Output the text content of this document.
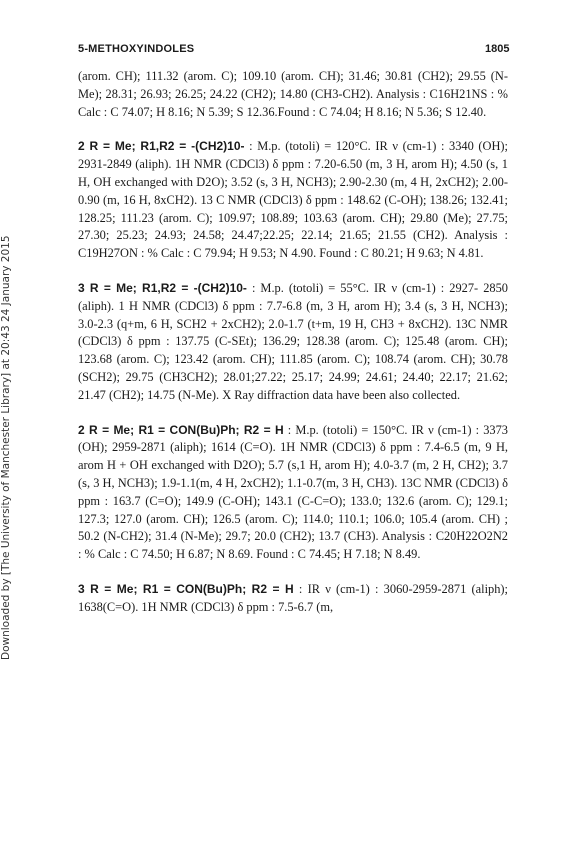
Downloaded by [The University of Manchester Library] at 20:43 24 January 2015
5-METHOXYINDOLES	1805

(arom. CH); 111.32 (arom. C); 109.10 (arom. CH); 31.46; 30.81 (CH2); 29.55 (N-Me); 28.31; 26.93; 26.25; 24.22 (CH2); 14.80 (CH3-CH2). Analysis : C16H21NS : % Calc : C 74.07; H 8.16; N 5.39; S 12.36.Found : C 74.04; H 8.16; N 5.36; S 12.40.

2 R = Me; R1,R2 = -(CH2)10- : M.p. (totoli) = 120°C. IR ν (cm-1) : 3340 (OH); 2931-2849 (aliph). 1H NMR (CDCl3) δ ppm : 7.20-6.50 (m, 3 H, arom H); 4.50 (s, 1 H, OH exchanged with D2O); 3.52 (s, 3 H, NCH3); 2.90-2.30 (m, 4 H, 2xCH2); 2.00-0.90 (m, 16 H, 8xCH2). 13 C NMR (CDCl3) δ ppm : 148.62 (C-OH); 138.26; 132.41; 128.25; 111.23 (arom. C); 109.97; 108.89; 103.63 (arom. CH); 29.80 (Me); 27.75; 27.30; 25.23; 24.93; 24.58; 24.47;22.25; 22.14; 21.65; 21.55 (CH2). Analysis : C19H27ON : % Calc : C 79.94; H 9.53; N 4.90. Found : C 80.21; H 9.63; N 4.81.

3 R = Me; R1,R2 = -(CH2)10- : M.p. (totoli) = 55°C. IR ν (cm-1) : 2927- 2850 (aliph). 1 H NMR (CDCl3) δ ppm : 7.7-6.8 (m, 3 H, arom H); 3.4 (s, 3 H, NCH3); 3.0-2.3 (q+m, 6 H, SCH2 + 2xCH2); 2.0-1.7 (t+m, 19 H, CH3 + 8xCH2). 13C NMR (CDCl3) δ ppm : 137.75 (C-SEt); 136.29; 128.38 (arom. C); 125.48 (arom. CH); 123.68 (arom. C); 123.42 (arom. CH); 111.85 (arom. C); 108.74 (arom. CH); 30.78 (SCH2); 29.75 (CH3CH2); 28.01;27.22; 25.17; 24.99; 24.61; 24.40; 22.17; 21.62; 21.47 (CH2); 14.75 (N-Me). X Ray diffraction data have been also collected.

2 R = Me; R1 = CON(Bu)Ph; R2 = H : M.p. (totoli) = 150°C. IR ν (cm-1) : 3373 (OH); 2959-2871 (aliph); 1614 (C=O). 1H NMR (CDCl3) δ ppm : 7.4-6.5 (m, 9 H, arom H + OH exchanged with D2O); 5.7 (s,1 H, arom H); 4.0-3.7 (m, 2 H, CH2); 3.7 (s, 3 H, NCH3); 1.9-1.1(m, 4 H, 2xCH2); 1.1-0.7(m, 3 H, CH3). 13C NMR (CDCl3) δ ppm : 163.7 (C=O); 149.9 (C-OH); 143.1 (C-C=O); 133.0; 132.6 (arom. C); 129.1; 127.3; 127.0 (arom. CH); 126.5 (arom. C); 114.0; 110.1; 106.0; 105.4 (arom. CH) ; 50.2 (N-CH2); 31.4 (N-Me); 29.7; 20.0 (CH2); 13.7 (CH3). Analysis : C20H22O2N2 : % Calc : C 74.50; H 6.87; N 8.69. Found : C 74.45; H 7.18; N 8.49.

3 R = Me; R1 = CON(Bu)Ph; R2 = H : IR ν (cm-1) : 3060-2959-2871 (aliph); 1638(C=O). 1H NMR (CDCl3) δ ppm : 7.5-6.7 (m,
